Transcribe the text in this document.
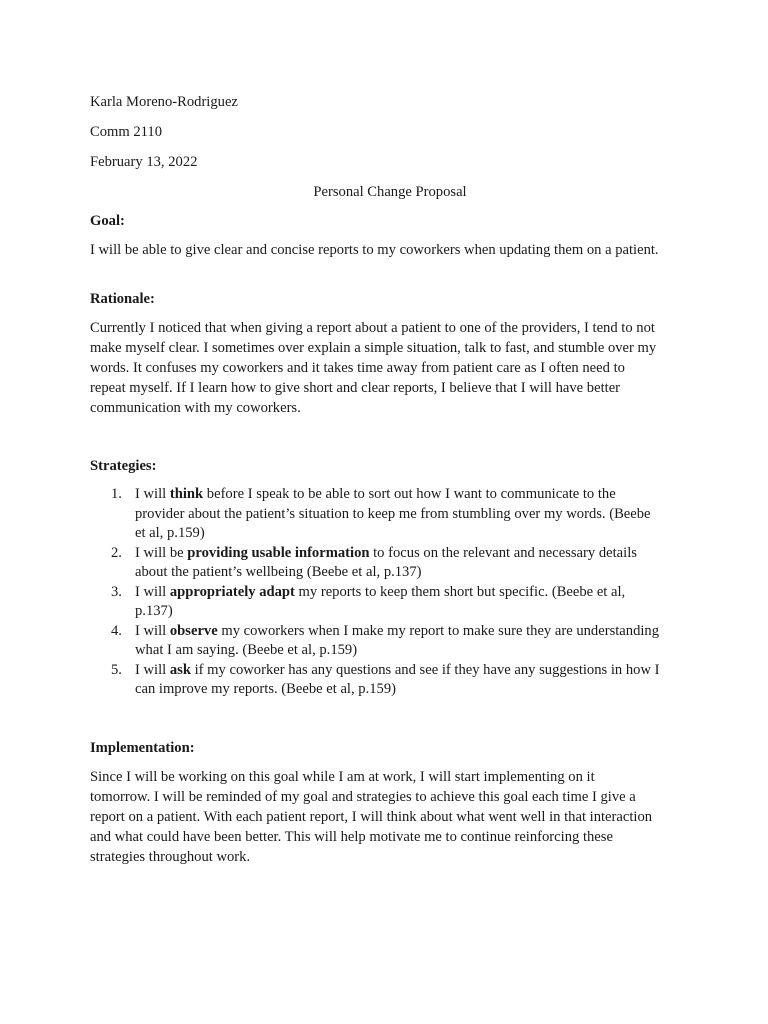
Karla Moreno-Rodriguez

Comm 2110

February 13, 2022

Personal Change Proposal

Goal:

I will be able to give clear and concise reports to my coworkers when updating them on a patient.

Rationale:

Currently I noticed that when giving a report about a patient to one of the providers, I tend to not

make myself clear. I sometimes over explain a simple situation, talk to fast, and stumble over my

words. It confuses my coworkers and it takes time away from patient care as I often need to

repeat myself. If I learn how to give short and clear reports, I believe that I will have better

communication with my coworkers.

Strategies:

1. I will think before I speak to be able to sort out how I want to communicate to the
provider about the patient’s situation to keep me from stumbling over my words. (Beebe
et al, p.159)
2. I will be providing usable information to focus on the relevant and necessary details
about the patient’s wellbeing (Beebe et al, p.137)
3. I will appropriately adapt my reports to keep them short but specific. (Beebe et al,
p.137)
4. I will observe my coworkers when I make my report to make sure they are understanding
what I am saying. (Beebe et al, p.159)
5. I will ask if my coworker has any questions and see if they have any suggestions in how I
can improve my reports. (Beebe et al, p.159)

Implementation:

Since I will be working on this goal while I am at work, I will start implementing on it

tomorrow. I will be reminded of my goal and strategies to achieve this goal each time I give a

report on a patient. With each patient report, I will think about what went well in that interaction

and what could have been better. This will help motivate me to continue reinforcing these

strategies throughout work.
